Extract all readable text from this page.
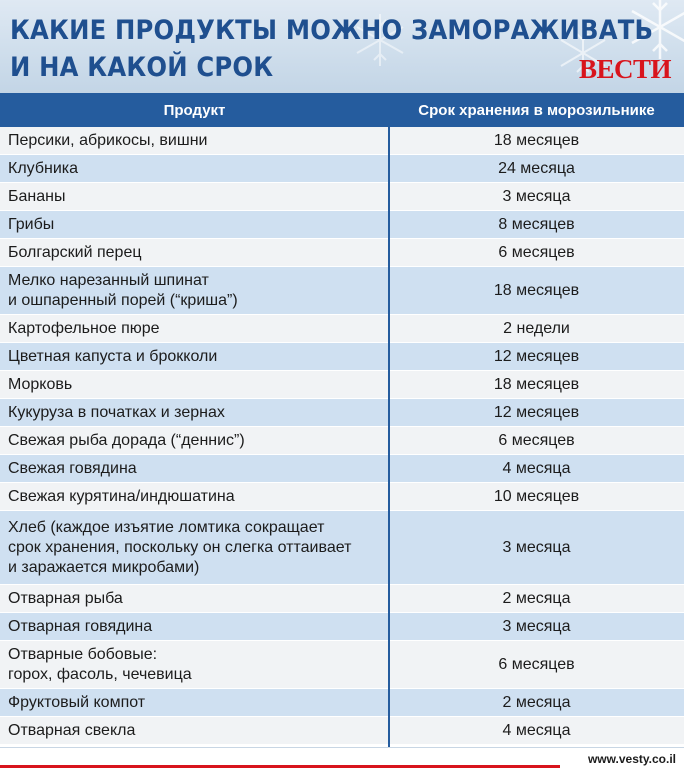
КАКИЕ ПРОДУКТЫ МОЖНО ЗАМОРАЖИВАТЬ
И НА КАКОЙ СРОК	ВЕСТИ
Продукт	Срок хранения в морозильнике
Персики, абрикосы, вишни	18 месяцев
Клубника	24 месяца
Бананы	3 месяца
Грибы	8 месяцев
Болгарский перец	6 месяцев
Мелко нарезанный шпинат
и ошпаренный порей (“криша”)
18 месяцев
Картофельное пюре	2 недели
Цветная капуста и брокколи	12 месяцев
Морковь	18 месяцев
Кукуруза в початках и зернах	12 месяцев
Свежая рыба дорада (“деннис”)	6 месяцев
Свежая говядина	4 месяца
Свежая курятина/индюшатина	10 месяцев
Хлеб (каждое изъятие ломтика сокращает
срок хранения, поскольку он слегка оттаивает
и заражается микробами)
3 месяца
Отварная рыба	2 месяца
Отварная говядина	3 месяца
Отварные бобовые:
горох, фасоль, чечевица
6 месяцев
Фруктовый компот	2 месяца
Отварная свекла	4 месяца
www.vesty.co.il
